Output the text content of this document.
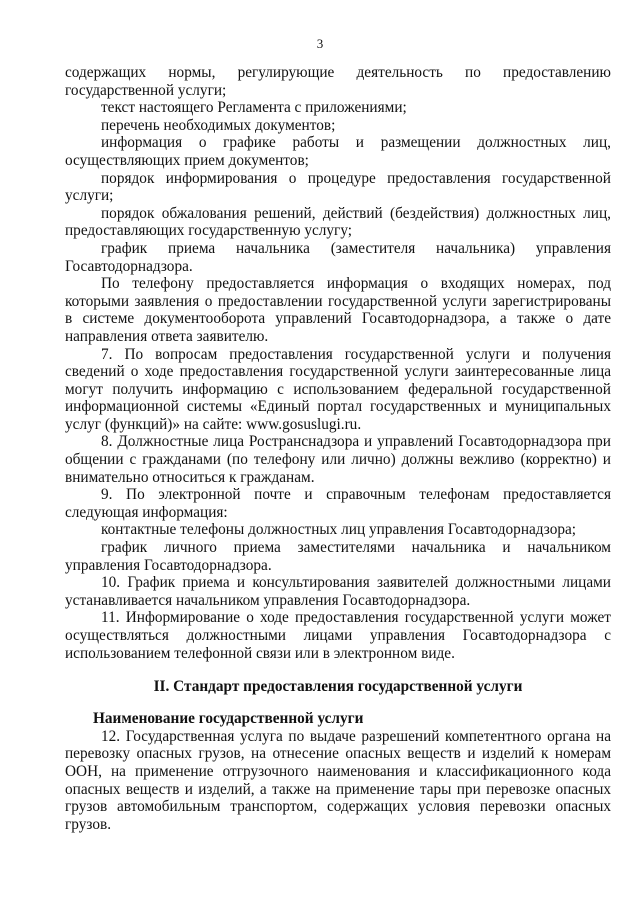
3

содержащих нормы, регулирующие деятельность по предоставлению государственной услуги;

текст настоящего Регламента с приложениями;

перечень необходимых документов;

информация о графике работы и размещении должностных лиц, осуществляющих прием документов;

порядок информирования о процедуре предоставления государственной услуги;

порядок обжалования решений, действий (бездействия) должностных лиц, предоставляющих государственную услугу;

график приема начальника (заместителя начальника) управления Госавтодорнадзора.

По телефону предоставляется информация о входящих номерах, под которыми заявления о предоставлении государственной услуги зарегистрированы в системе документооборота управлений Госавтодорнадзора, а также о дате направления ответа заявителю.

7. По вопросам предоставления государственной услуги и получения сведений о ходе предоставления государственной услуги заинтересованные лица могут получить информацию с использованием федеральной государственной информационной системы «Единый портал государственных и муниципальных услуг (функций)» на сайте: www.gosuslugi.ru.

8. Должностные лица Ространснадзора и управлений Госавтодорнадзора при общении с гражданами (по телефону или лично) должны вежливо (корректно) и внимательно относиться к гражданам.

9. По электронной почте и справочным телефонам предоставляется следующая информация:

контактные телефоны должностных лиц управления Госавтодорнадзора;

график личного приема заместителями начальника и начальником управления Госавтодорнадзора.

10. График приема и консультирования заявителей должностными лицами устанавливается начальником управления Госавтодорнадзора.

11. Информирование о ходе предоставления государственной услуги может осуществляться должностными лицами управления Госавтодорнадзора с использованием телефонной связи или в электронном виде.

II. Стандарт предоставления государственной услуги
Наименование государственной услуги

12. Государственная услуга по выдаче разрешений компетентного органа на перевозку опасных грузов, на отнесение опасных веществ и изделий к номерам ООН, на применение отгрузочного наименования и классификационного кода опасных веществ и изделий, а также на применение тары при перевозке опасных грузов автомобильным транспортом, содержащих условия перевозки опасных грузов.
